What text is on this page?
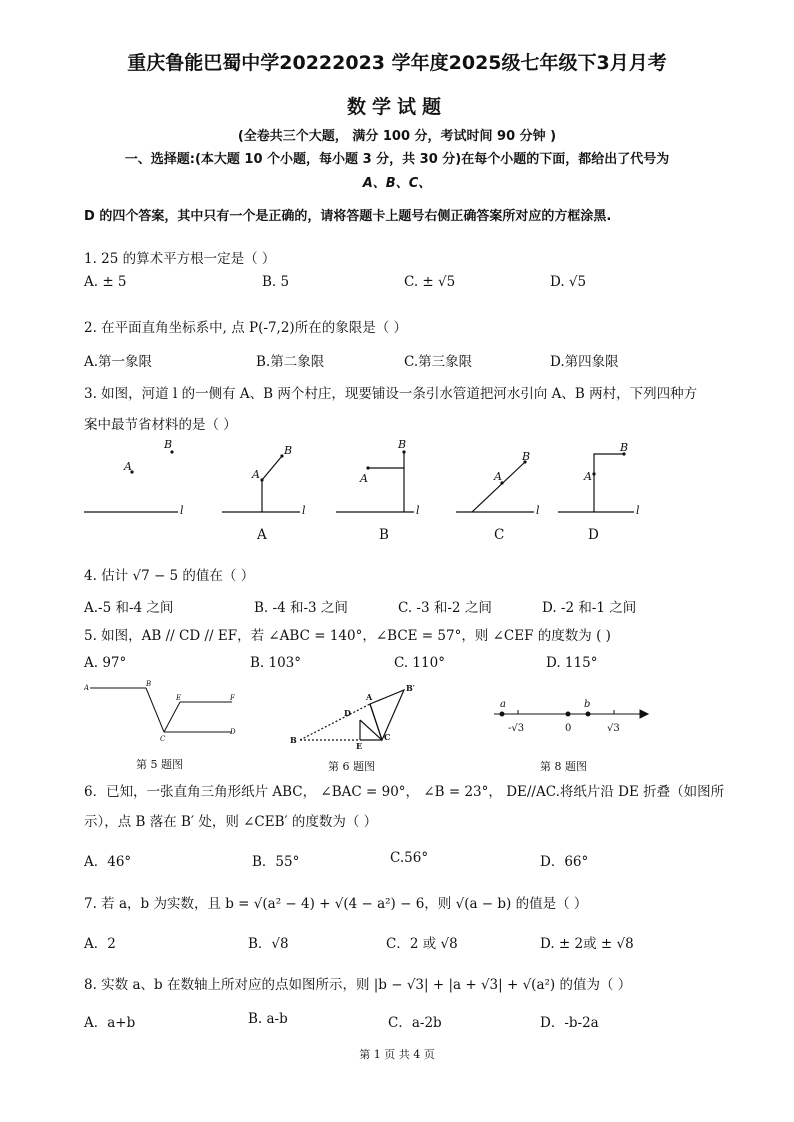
重庆鲁能巴蜀中学20222023 学年度2025级七年级下3月月考
数学试题
(全卷共三个大题， 满分 100 分，考试时间 90 分钟 )
一、选择题:(本大题 10 个小题，每小题 3 分，共 30 分)在每个小题的下面，都给出了代号为
A、B、C、
D 的四个答案，其中只有一个是正确的，请将答题卡上题号右侧正确答案所对应的方框涂黑.
1. 25 的算术平方根一定是（ ）
A. ± 5	B. 5	C. ± √5	D. √5
2. 在平面直角坐标系中, 点 P(-7,2)所在的象限是（ ）
A.第一象限	B.第二象限	C.第三象限	D.第四象限
3. 如图，河道 l 的一侧有 A、B 两个村庄，现要铺设一条引水管道把河水引向 A、B 两村，下列四种方
案中最节省材料的是（ ）
B
A
l
A
B
l
A
B
l
A
B
l
A
B
l
A	B	C	D
4. 估计 √7 − 5 的值在（ ）
A.-5 和-4 之间	B. -4 和-3 之间	C. -3 和-2 之间	D. -2 和-1 之间
5. 如图，AB // CD // EF，若 ∠ABC = 140°，∠BCE = 57°，则 ∠CEF 的度数为 ( )
A. 97°	B. 103°	C. 110°	D. 115°
A	B
E	F
C
D
第 5 题图
B′
A
D
B
E
C
第 6 题图
a
-√3	0
b
√3
第 8 题图
6．已知，一张直角三角形纸片 ABC， ∠BAC = 90°， ∠B = 23°， DE//AC.将纸片沿 DE 折叠（如图所
示），点 B 落在 B′ 处，则 ∠CEB′ 的度数为（ ）
A．46°	B．55°	C.56°	D．66°
7. 若 a，b 为实数，且 b = √(a² − 4) + √(4 − a²) − 6，则 √(a − b) 的值是（ ）
A．2	B．√8	C．2 或 √8	D. ± 2或 ± √8
8. 实数 a、b 在数轴上所对应的点如图所示，则 |b − √3| + |a + √3| + √(a²) 的值为（ ）
A．a+b	B. a-b	C．a-2b	D．-b-2a
第 1 页 共 4 页
